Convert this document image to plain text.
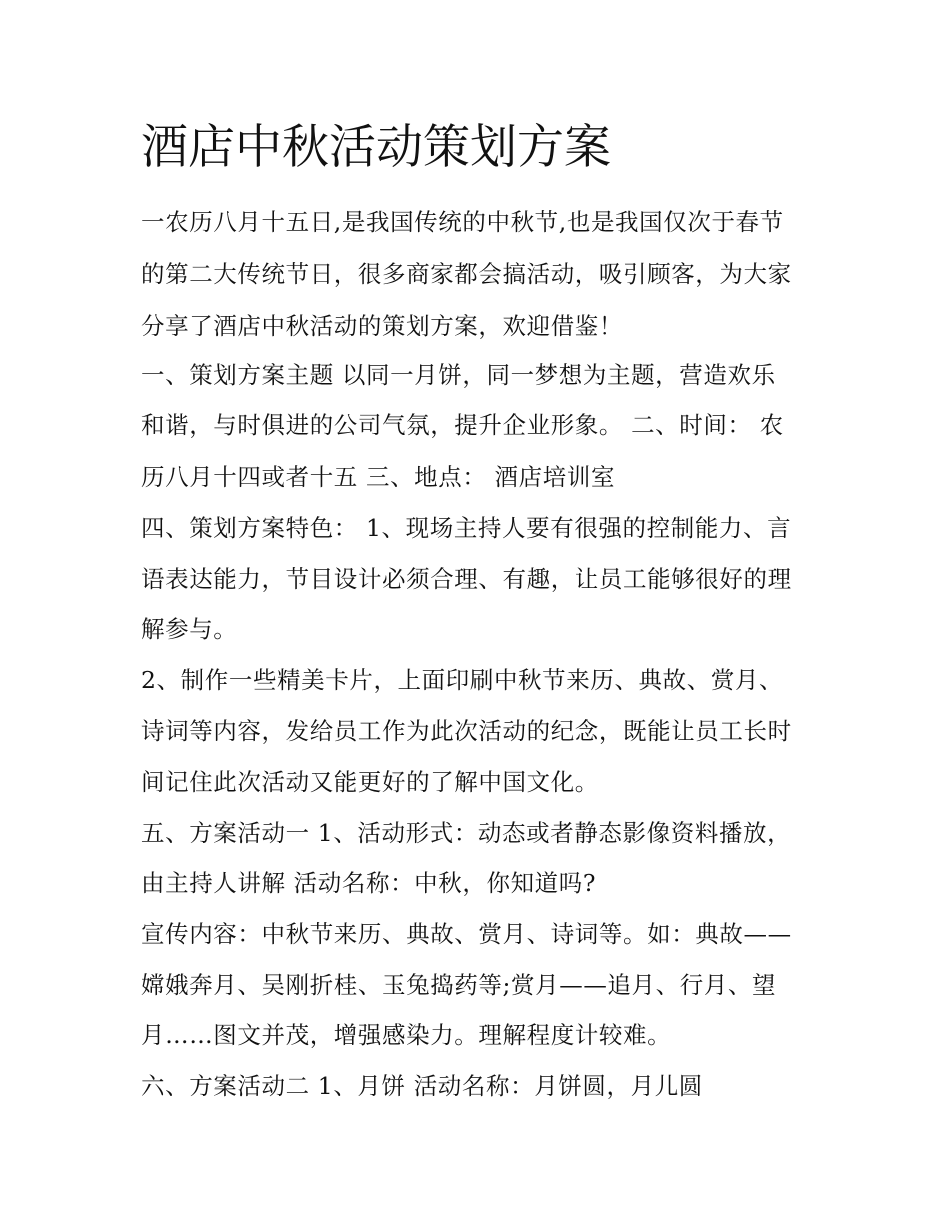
酒店中秋活动策划方案

一农历八月十五日,是我国传统的中秋节,也是我国仅次于春节

的第二大传统节日，很多商家都会搞活动，吸引顾客，为大家

分享了酒店中秋活动的策划方案，欢迎借鉴！

一、策划方案主题 以同一月饼，同一梦想为主题，营造欢乐

和谐，与时俱进的公司气氛，提升企业形象。 二、时间： 农

历八月十四或者十五 三、地点： 酒店培训室

四、策划方案特色： 1、现场主持人要有很强的控制能力、言

语表达能力，节目设计必须合理、有趣，让员工能够很好的理

解参与。

2、制作一些精美卡片，上面印刷中秋节来历、典故、赏月、

诗词等内容，发给员工作为此次活动的纪念，既能让员工长时

间记住此次活动又能更好的了解中国文化。

五、方案活动一 1、活动形式：动态或者静态影像资料播放，

由主持人讲解 活动名称：中秋，你知道吗?

宣传内容：中秋节来历、典故、赏月、诗词等。如：典故——

嫦娥奔月、吴刚折桂、玉兔捣药等;赏月——追月、行月、望

月……图文并茂，增强感染力。理解程度计较难。

六、方案活动二 1、月饼 活动名称：月饼圆，月儿圆
